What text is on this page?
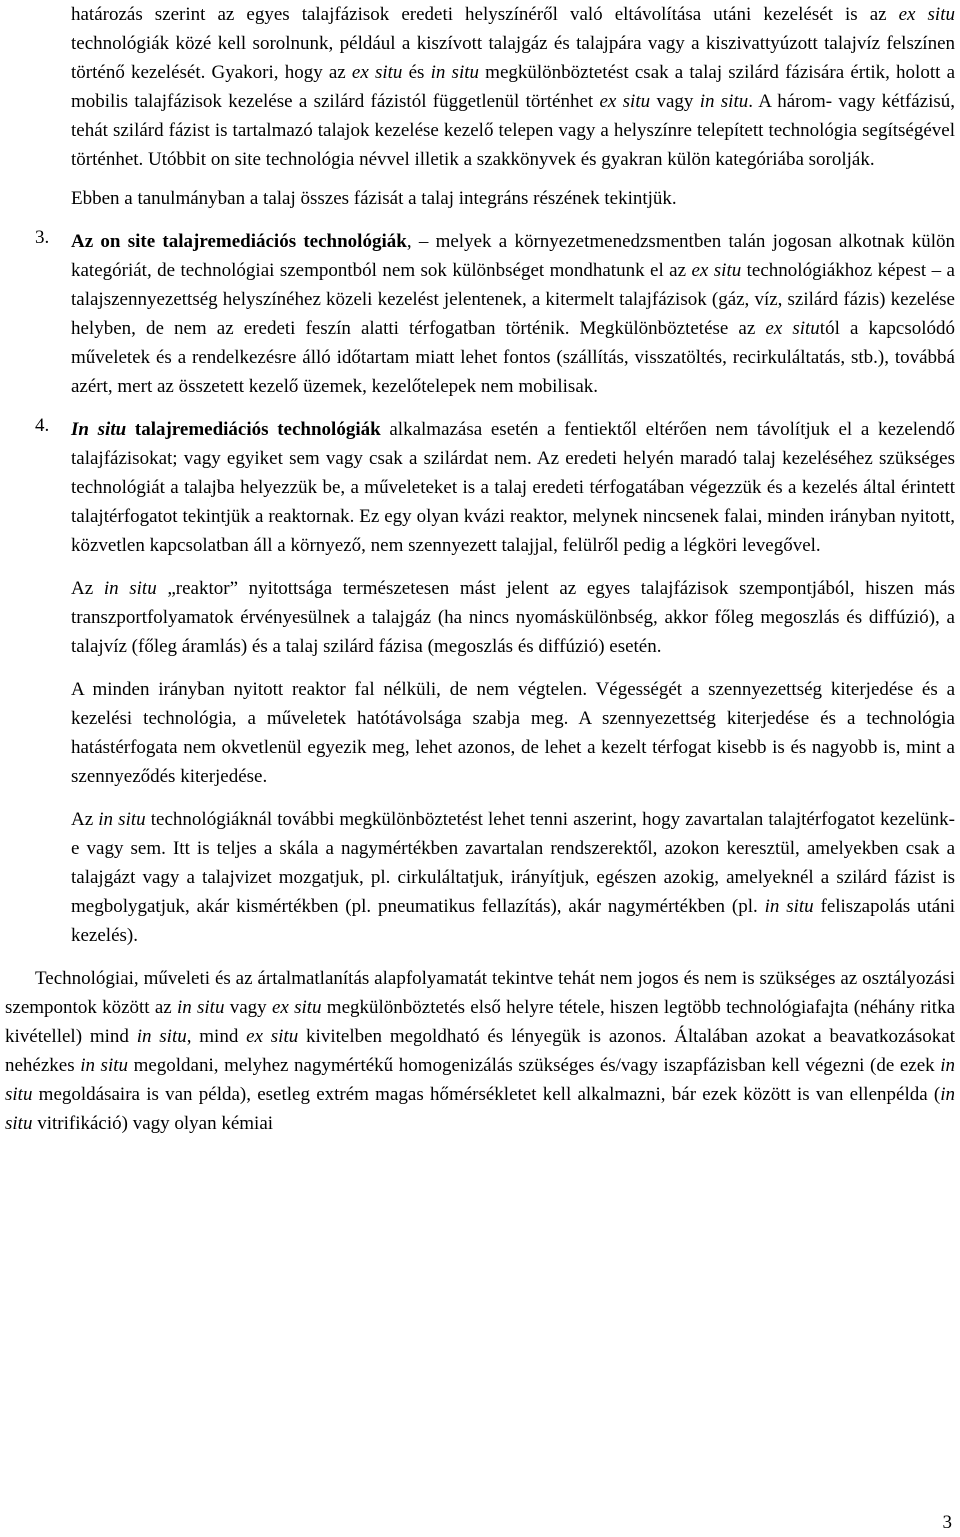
határozás szerint az egyes talajfázisok eredeti helyszínéről való eltávolítása utáni kezelését is az ex situ technológiák közé kell sorolnunk, például a kiszívott talajgáz és talajpára vagy a kiszivattyúzott talajvíz felszínen történő kezelését. Gyakori, hogy az ex situ és in situ megkülönböztetést csak a talaj szilárd fázisára értik, holott a mobilis talajfázisok kezelése a szilárd fázistól függetlenül történhet ex situ vagy in situ. A három- vagy kétfázisú, tehát szilárd fázist is tartalmazó talajok kezelése kezelő telepen vagy a helyszínre telepített technológia segítségével történhet. Utóbbit on site technológia névvel illetik a szakkönyvek és gyakran külön kategóriába sorolják.

Ebben a tanulmányban a talaj összes fázisát a talaj integráns részének tekintjük.

3.	Az on site talajremediációs technológiák, – melyek a környezetmenedzsmentben talán jogosan alkotnak külön kategóriát, de technológiai szempontból nem sok különbséget mondhatunk el az ex situ technológiákhoz képest – a talajszennyezettség helyszínéhez közeli kezelést jelentenek, a kitermelt talajfázisok (gáz, víz, szilárd fázis) kezelése helyben, de nem az eredeti feszín alatti térfogatban történik. Megkülönböztetése az ex situtól a kapcsolódó műveletek és a rendelkezésre álló időtartam miatt lehet fontos (szállítás, visszatöltés, recirkuláltatás, stb.), továbbá azért, mert az összetett kezelő üzemek, kezelőtelepek nem mobilisak.

4.	In situ talajremediációs technológiák alkalmazása esetén a fentiektől eltérően nem távolítjuk el a kezelendő talajfázisokat; vagy egyiket sem vagy csak a szilárdat nem. Az eredeti helyén maradó talaj kezeléséhez szükséges technológiát a talajba helyezzük be, a műveleteket is a talaj eredeti térfogatában végezzük és a kezelés által érintett talajtérfogatot tekintjük a reaktornak. Ez egy olyan kvázi reaktor, melynek nincsenek falai, minden irányban nyitott, közvetlen kapcsolatban áll a környező, nem szennyezett talajjal, felülről pedig a légköri levegővel.

Az in situ „reaktor” nyitottsága természetesen mást jelent az egyes talajfázisok szempontjából, hiszen más transzportfolyamatok érvényesülnek a talajgáz (ha nincs nyomáskülönbség, akkor főleg megoszlás és diffúzió), a talajvíz (főleg áramlás) és a talaj szilárd fázisa (megoszlás és diffúzió) esetén.

A minden irányban nyitott reaktor fal nélküli, de nem végtelen. Végességét a szennyezettség kiterjedése és a kezelési technológia, a műveletek hatótávolsága szabja meg. A szennyezettség kiterjedése és a technológia hatástérfogata nem okvetlenül egyezik meg, lehet azonos, de lehet a kezelt térfogat kisebb is és nagyobb is, mint a szennyeződés kiterjedése.

Az in situ technológiáknál további megkülönböztetést lehet tenni aszerint, hogy zavartalan talajtérfogatot kezelünk-e vagy sem. Itt is teljes a skála a nagymértékben zavartalan rendszerektől, azokon keresztül, amelyekben csak a talajgázt vagy a talajvizet mozgatjuk, pl. cirkuláltatjuk, irányítjuk, egészen azokig, amelyeknél a szilárd fázist is megbolygatjuk, akár kismértékben (pl. pneumatikus fellazítás), akár nagymértékben (pl. in situ feliszapolás utáni kezelés).

Technológiai, műveleti és az ártalmatlanítás alapfolyamatát tekintve tehát nem jogos és nem is szükséges az osztályozási szempontok között az in situ vagy ex situ megkülönböztetés első helyre tétele, hiszen legtöbb technológiafajta (néhány ritka kivétellel) mind in situ, mind ex situ kivitelben megoldható és lényegük is azonos. Általában azokat a beavatkozásokat nehézkes in situ megoldani, melyhez nagymértékű homogenizálás szükséges és/vagy iszapfázisban kell végezni (de ezek in situ megoldásaira is van példa), esetleg extrém magas hőmérsékletet kell alkalmazni, bár ezek között is van ellenpélda (in situ vitrifikáció) vagy olyan kémiai

3
